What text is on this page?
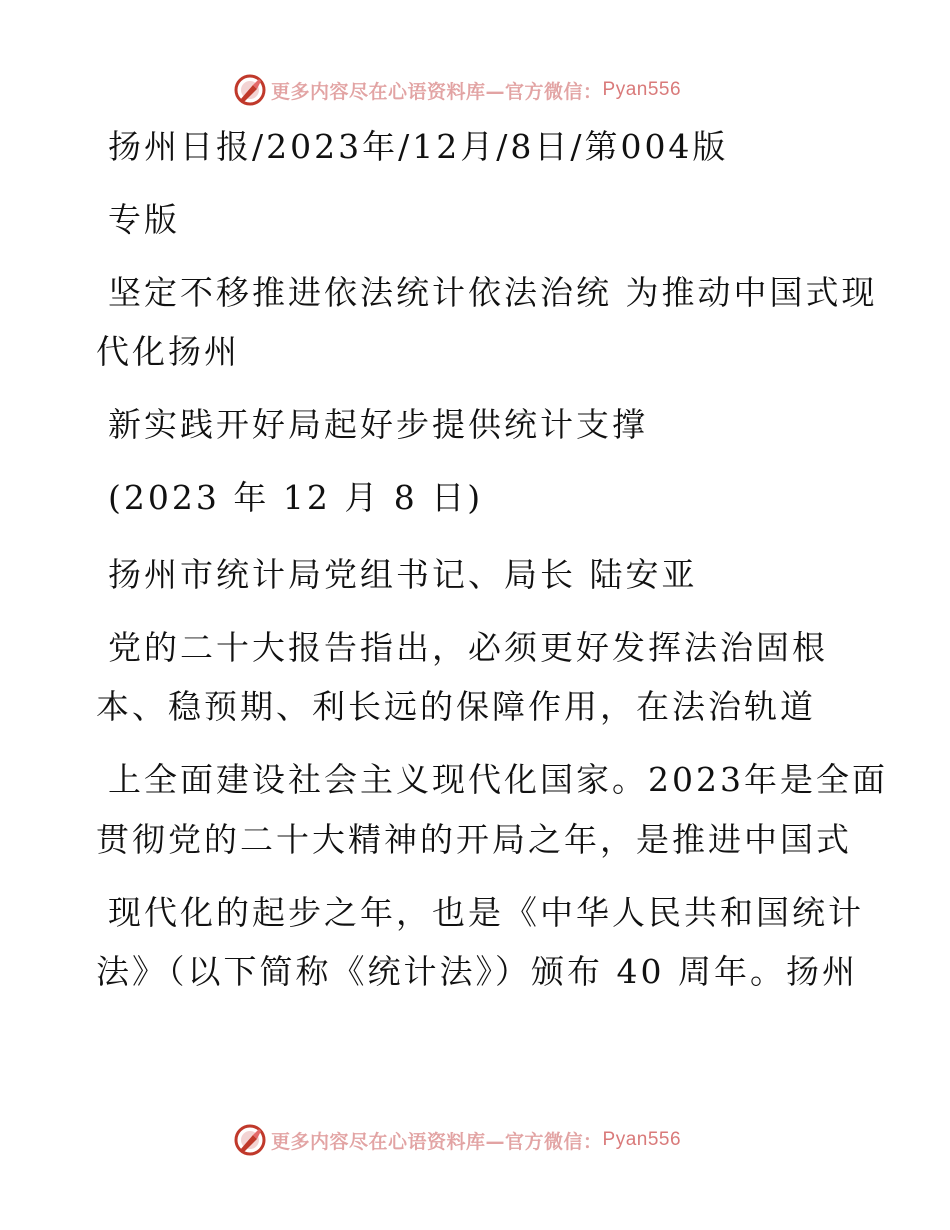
更多内容尽在心语资料库—官方微信： Pyan556
扬州日报/2023年/12月/8日/第004版
专版
坚定不移推进依法统计依法治统 为推动中国式现
代化扬州
新实践开好局起好步提供统计支撑
(2023 年 12 月 8 日)
扬州市统计局党组书记、局长 陆安亚
党的二十大报告指出，必须更好发挥法治固根
本、稳预期、利长远的保障作用，在法治轨道
上全面建设社会主义现代化国家。2023年是全面
贯彻党的二十大精神的开局之年，是推进中国式
现代化的起步之年，也是《中华人民共和国统计
法》（以下简称《统计法》）颁布 40 周年。扬州
更多内容尽在心语资料库—官方微信： Pyan556
